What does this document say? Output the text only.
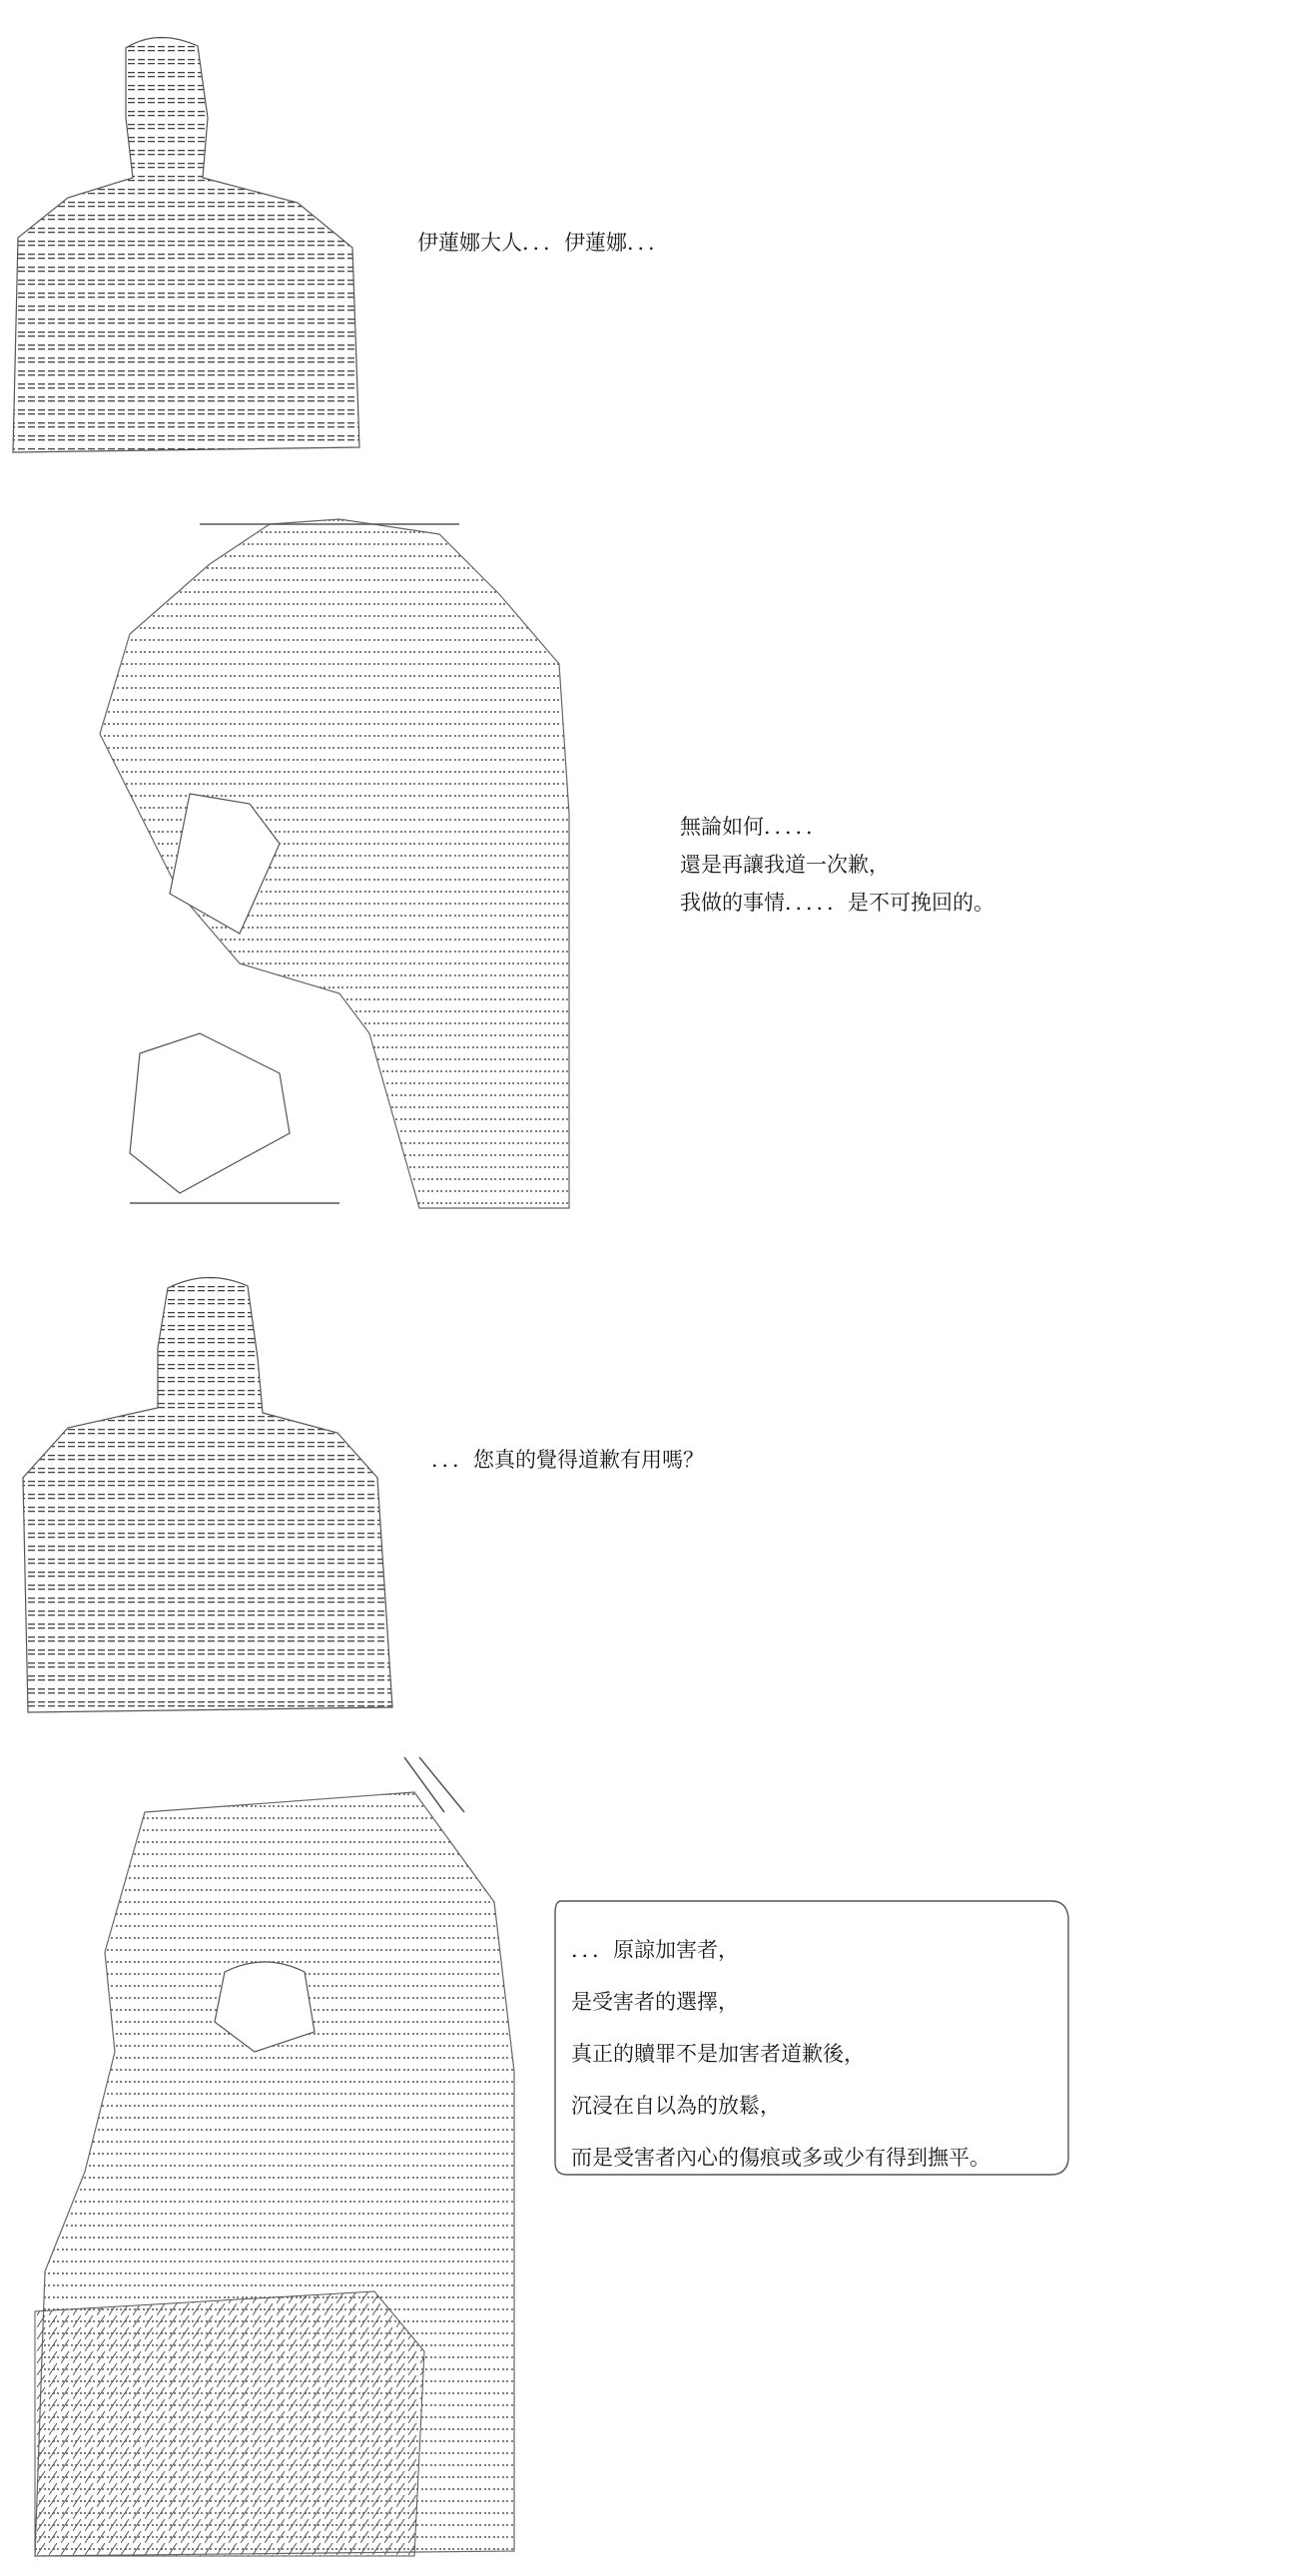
伊蓮娜大人．．．伊蓮娜．．．
無論如何．．．．．
還是再讓我道一次歉，
我做的事情．．．．．是不可挽回的。
．．．您真的覺得道歉有用嗎？
．．．原諒加害者，
是受害者的選擇，
真正的贖罪不是加害者道歉後，
沉浸在自以為的放鬆，
而是受害者內心的傷痕或多或少有得到撫平。
